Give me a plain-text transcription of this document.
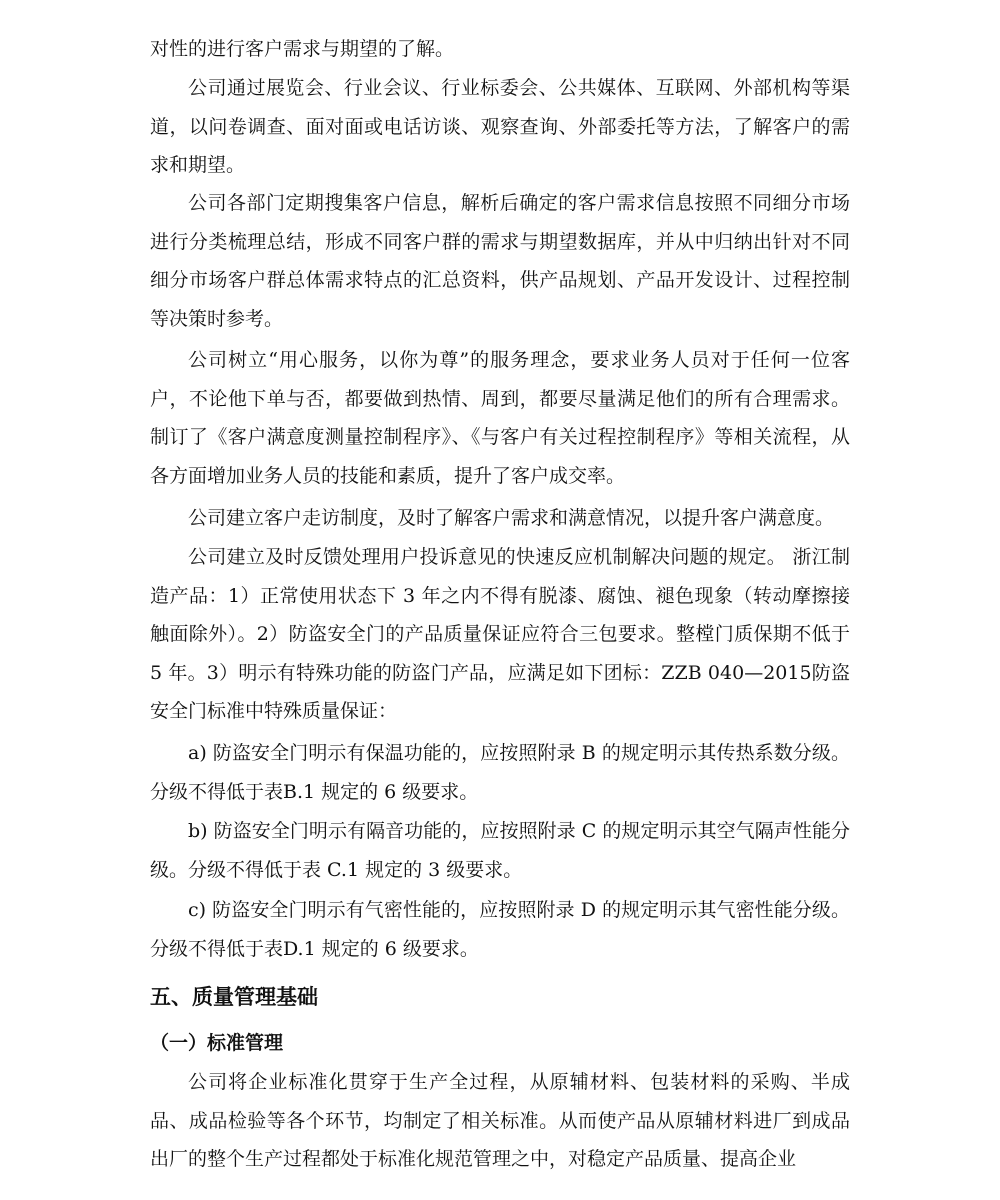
对性的进行客户需求与期望的了解。

公司通过展览会、行业会议、行业标委会、公共媒体、互联网、外部机构等渠道，以问卷调查、面对面或电话访谈、观察查询、外部委托等方法，了解客户的需求和期望。

公司各部门定期搜集客户信息，解析后确定的客户需求信息按照不同细分市场进行分类梳理总结，形成不同客户群的需求与期望数据库，并从中归纳出针对不同细分市场客户群总体需求特点的汇总资料，供产品规划、产品开发设计、过程控制等决策时参考。

公司树立“用心服务，以你为尊”的服务理念，要求业务人员对于任何一位客户，不论他下单与否，都要做到热情、周到，都要尽量满足他们的所有合理需求。制订了《客户满意度测量控制程序》、《与客户有关过程控制程序》等相关流程，从各方面增加业务人员的技能和素质，提升了客户成交率。

公司建立客户走访制度，及时了解客户需求和满意情况，以提升客户满意度。

公司建立及时反馈处理用户投诉意见的快速反应机制解决问题的规定。 浙江制造产品：1）正常使用状态下 3 年之内不得有脱漆、腐蚀、褪色现象（转动摩擦接触面除外）。2）防盗安全门的产品质量保证应符合三包要求。整樘门质保期不低于 5 年。3）明示有特殊功能的防盗门产品，应满足如下团标：ZZB 040—2015防盗安全门标准中特殊质量保证：

a) 防盗安全门明示有保温功能的，应按照附录 B 的规定明示其传热系数分级。分级不得低于表B.1 规定的 6 级要求。

b) 防盗安全门明示有隔音功能的，应按照附录 C 的规定明示其空气隔声性能分级。分级不得低于表 C.1 规定的 3 级要求。

c) 防盗安全门明示有气密性能的，应按照附录 D 的规定明示其气密性能分级。分级不得低于表D.1 规定的 6 级要求。

五、质量管理基础
（一）标准管理

公司将企业标准化贯穿于生产全过程，从原辅材料、包装材料的采购、半成品、成品检验等各个环节，均制定了相关标准。从而使产品从原辅材料进厂到成品出厂的整个生产过程都处于标准化规范管理之中，对稳定产品质量、提高企业
